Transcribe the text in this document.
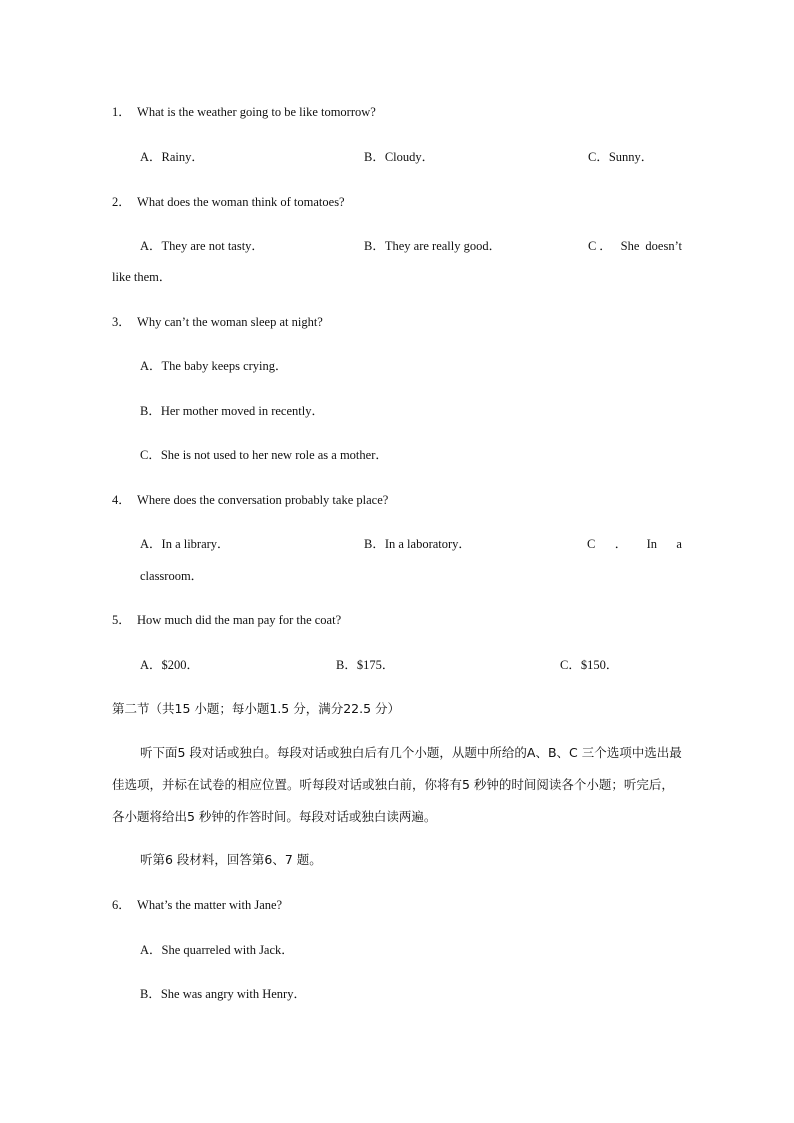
1．  What is the weather going to be like tomorrow?
A．Rainy．	B．Cloudy．	C．Sunny．
2．  What does the woman think of tomatoes?
A．They are not tasty．	B．They are really good．	C． She doesn’t
like them．
3．  Why can’t the woman sleep at night?
A．The baby keeps crying．
B．Her mother moved in recently．
C．She is not used to her new role as a mother．
4．  Where does the conversation probably take place?
A．In a library．	B．In a laboratory．	C ． In a
classroom．
5．  How much did the man pay for the coat?
A．$200．	B．$175．	C．$150．
第二节（共15 小题；每小题1.5 分，满分22.5 分）
听下面5 段对话或独白。每段对话或独白后有几个小题，从题中所给的A、B、C 三个选项中选出最佳选项，并标在试卷的相应位置。听每段对话或独白前，你将有5 秒钟的时间阅读各个小题；听完后，各小题将给出5 秒钟的作答时间。每段对话或独白读两遍。
听第6 段材料，回答第6、7 题。
6．  What’s the matter with Jane?
A．She quarreled with Jack．
B．She was angry with Henry．
